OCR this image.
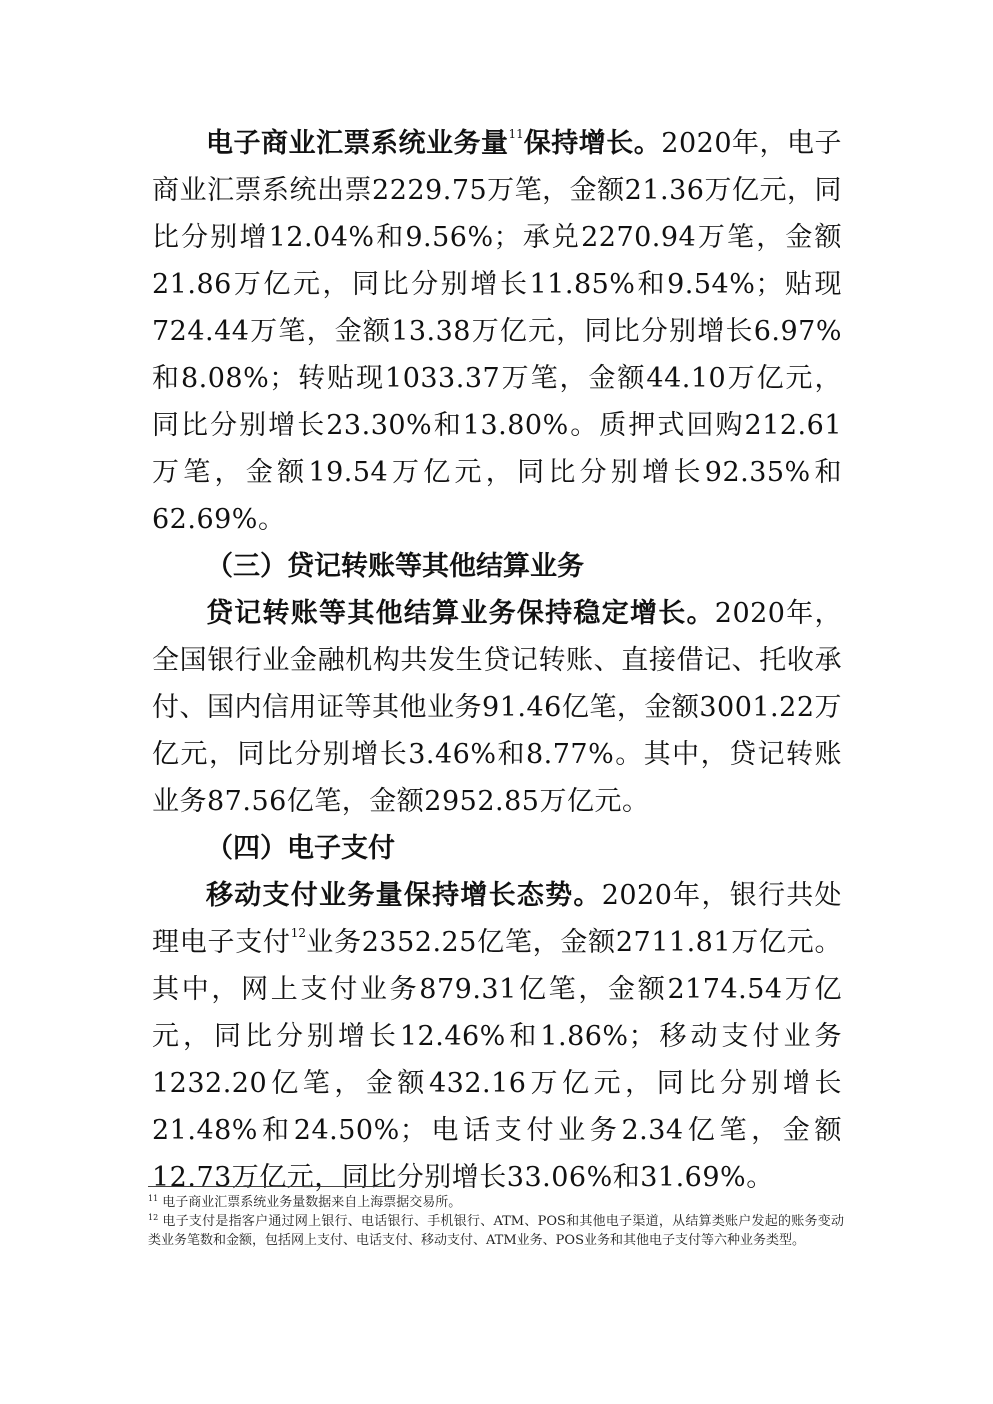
电子商业汇票系统业务量$^{11}$保持增长。2020年，电子商业汇票系统出票2229.75万笔，金额21.36万亿元，同比分别增12.04%和9.56%；承兑2270.94万笔，金额21.86万亿元，同比分别增长11.85%和9.54%；贴现724.44万笔，金额13.38万亿元，同比分别增长6.97%和8.08%；转贴现1033.37万笔，金额44.10万亿元，同比分别增长23.30%和13.80%。质押式回购212.61万笔，金额19.54万亿元，同比分别增长92.35%和62.69%。

（三）贷记转账等其他结算业务

贷记转账等其他结算业务保持稳定增长。2020年，全国银行业金融机构共发生贷记转账、直接借记、托收承付、国内信用证等其他业务91.46亿笔，金额3001.22万亿元，同比分别增长3.46%和8.77%。其中，贷记转账业务87.56亿笔，金额2952.85万亿元。

（四）电子支付

移动支付业务量保持增长态势。2020年，银行共处理电子支付$^{12}$业务2352.25亿笔，金额2711.81万亿元。其中，网上支付业务879.31亿笔，金额2174.54万亿元，同比分别增长12.46%和1.86%；移动支付业务1232.20亿笔，金额432.16万亿元，同比分别增长21.48%和24.50%；电话支付业务2.34亿笔，金额12.73万亿元，同比分别增长33.06%和31.69%。

$^{11}$ 电子商业汇票系统业务量数据来自上海票据交易所。

$^{12}$ 电子支付是指客户通过网上银行、电话银行、手机银行、ATM、POS和其他电子渠道，从结算类账户发起的账务变动类业务笔数和金额，包括网上支付、电话支付、移动支付、ATM业务、POS业务和其他电子支付等六种业务类型。
